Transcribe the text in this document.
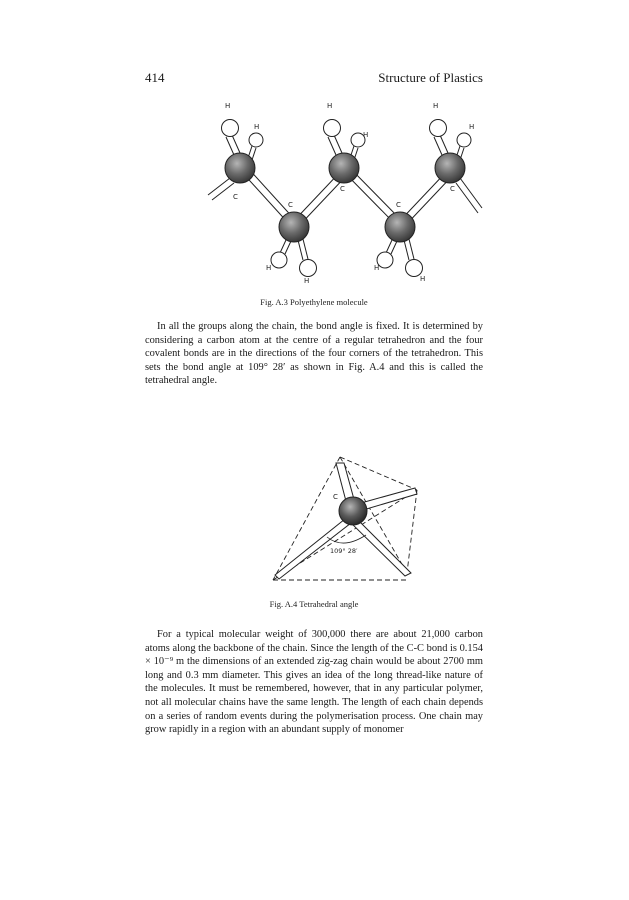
414	Structure of Plastics
H
H
H
H
H
H
C
C
C
C
C
H
H
H
H
Fig. A.3 Polyethylene molecule

In all the groups along the chain, the bond angle is fixed. It is determined by considering a carbon atom at the centre of a regular tetrahedron and the four covalent bonds are in the directions of the four corners of the tetrahedron. This sets the bond angle at 109° 28′ as shown in Fig. A.4 and this is called the tetrahedral angle.

C
109° 28′
Fig. A.4 Tetrahedral angle

For a typical molecular weight of 300,000 there are about 21,000 carbon atoms along the backbone of the chain. Since the length of the C-C bond is 0.154 × 10⁻⁹ m the dimensions of an extended zig-zag chain would be about 2700 mm long and 0.3 mm diameter. This gives an idea of the long thread-like nature of the molecules. It must be remembered, however, that in any particular polymer, not all molecular chains have the same length. The length of each chain depends on a series of random events during the polymerisation process. One chain may grow rapidly in a region with an abundant supply of monomer
